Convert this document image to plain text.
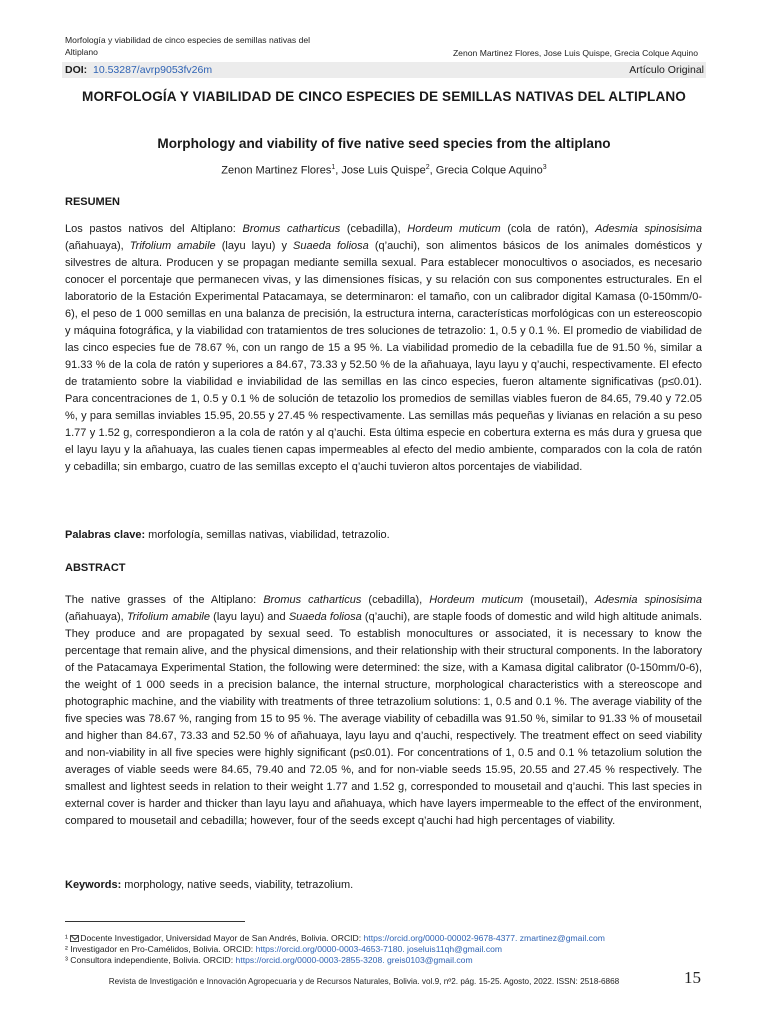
Morfología y viabilidad de cinco especies de semillas nativas del Altiplano	Zenon Martinez Flores, Jose Luis Quispe, Grecia Colque Aquino
DOI: 10.53287/avrp9053fv26m	Artículo Original
MORFOLOGÍA Y VIABILIDAD DE CINCO ESPECIES DE SEMILLAS NATIVAS DEL ALTIPLANO
Morphology and viability of five native seed species from the altiplano
Zenon Martinez Flores$^1$, Jose Luis Quispe$^2$, Grecia Colque Aquino$^3$
RESUMEN
Los pastos nativos del Altiplano: Bromus catharticus (cebadilla), Hordeum muticum (cola de ratón), Adesmia spinosisima (añahuaya), Trifolium amabile (layu layu) y Suaeda foliosa (q’auchi), son alimentos básicos de los animales domésticos y silvestres de altura. Producen y se propagan mediante semilla sexual. Para establecer monocultivos o asociados, es necesario conocer el porcentaje que permanecen vivas, y las dimensiones físicas, y su relación con sus componentes estructurales. En el laboratorio de la Estación Experimental Patacamaya, se determinaron: el tamaño, con un calibrador digital Kamasa (0-150mm/0-6), el peso de 1 000 semillas en una balanza de precisión, la estructura interna, características morfológicas con un estereoscopio y máquina fotográfica, y la viabilidad con tratamientos de tres soluciones de tetrazolio: 1, 0.5 y 0.1 %. El promedio de viabilidad de las cinco especies fue de 78.67 %, con un rango de 15 a 95 %. La viabilidad promedio de la cebadilla fue de 91.50 %, similar a 91.33 % de la cola de ratón y superiores a 84.67, 73.33 y 52.50 % de la añahuaya, layu layu y q’auchi, respectivamente. El efecto de tratamiento sobre la viabilidad e inviabilidad de las semillas en las cinco especies, fueron altamente significativas (p≤0.01). Para concentraciones de 1, 0.5 y 0.1 % de solución de tetazolio los promedios de semillas viables fueron de 84.65, 79.40 y 72.05 %, y para semillas inviables 15.95, 20.55 y 27.45 % respectivamente. Las semillas más pequeñas y livianas en relación a su peso 1.77 y 1.52 g, correspondieron a la cola de ratón y al q’auchi. Esta última especie en cobertura externa es más dura y gruesa que el layu layu y la añahuaya, las cuales tienen capas impermeables al efecto del medio ambiente, comparados con la cola de ratón y cebadilla; sin embargo, cuatro de las semillas excepto el q’auchi tuvieron altos porcentajes de viabilidad.
Palabras clave: morfología, semillas nativas, viabilidad, tetrazolio.
ABSTRACT
The native grasses of the Altiplano: Bromus catharticus (cebadilla), Hordeum muticum (mousetail), Adesmia spinosisima (añahuaya), Trifolium amabile (layu layu) and Suaeda foliosa (q’auchi), are staple foods of domestic and wild high altitude animals. They produce and are propagated by sexual seed. To establish monocultures or associated, it is necessary to know the percentage that remain alive, and the physical dimensions, and their relationship with their structural components. In the laboratory of the Patacamaya Experimental Station, the following were determined: the size, with a Kamasa digital calibrator (0-150mm/0-6), the weight of 1 000 seeds in a precision balance, the internal structure, morphological characteristics with a stereoscope and photographic machine, and the viability with treatments of three tetrazolium solutions: 1, 0.5 and 0.1 %. The average viability of the five species was 78.67 %, ranging from 15 to 95 %. The average viability of cebadilla was 91.50 %, similar to 91.33 % of mousetail and higher than 84.67, 73.33 and 52.50 % of añahuaya, layu layu and q’auchi, respectively. The treatment effect on seed viability and non-viability in all five species were highly significant (p≤0.01). For concentrations of 1, 0.5 and 0.1 % tetazolium solution the averages of viable seeds were 84.65, 79.40 and 72.05 %, and for non-viable seeds 15.95, 20.55 and 27.45 % respectively. The smallest and lightest seeds in relation to their weight 1.77 and 1.52 g, corresponded to mousetail and q’auchi. This last species in external cover is harder and thicker than layu layu and añahuaya, which have layers impermeable to the effect of the environment, compared to mousetail and cebadilla; however, four of the seeds except q’auchi had high percentages of viability.
Keywords: morphology, native seeds, viability, tetrazolium.
¹ Docente Investigador, Universidad Mayor de San Andrés, Bolivia. ORCID: https://orcid.org/0000-00002-9678-4377. zmartinez@gmail.com
² Investigador en Pro-Camélidos, Bolivia. ORCID: https://orcid.org/0000-0003-4653-7180. joseluis11qh@gmail.com
³ Consultora independiente, Bolivia. ORCID: https://orcid.org/0000-0003-2855-3208. greis0103@gmail.com
Revista de Investigación e Innovación Agropecuaria y de Recursos Naturales, Bolivia. vol.9, nº2. pág. 15-25. Agosto, 2022. ISSN: 2518-6868	15
